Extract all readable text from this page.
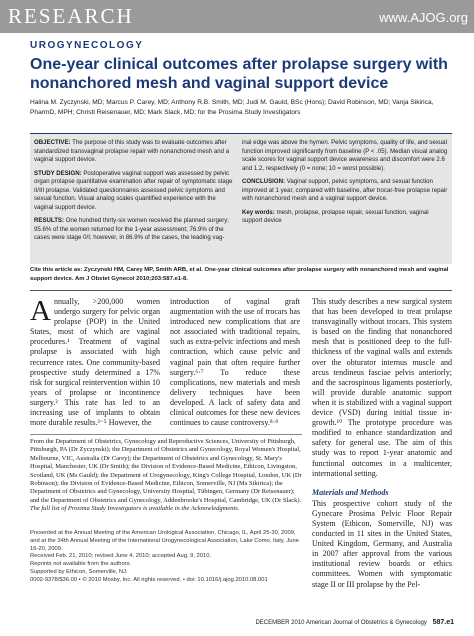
RESEARCH	www.AJOG.org
UROGYNECOLOGY
One-year clinical outcomes after prolapse surgery with nonanchored mesh and vaginal support device
Halina M. Zyczynski, MD; Marcus P. Carey, MD; Anthony R.B. Smith, MD; Judi M. Gauld, BSc (Hons); David Robinson, MD; Vanja Sikirica, PharmD, MPH; Christl Reisenauer, MD; Mark Slack, MD; for the Prosima Study Investigators

OBJECTIVE: The purpose of this study was to evaluate outcomes after standardized transvaginal prolapse repair with nonanchored mesh and a vaginal support device.

STUDY DESIGN: Postoperative vaginal support was assessed by pelvic organ prolapse quantitative examination after repair of symptomatic stage II/III prolapse. Validated questionnaires assessed pelvic symptoms and sexual function. Visual analog scales quantified experience with the vaginal support device.

RESULTS: One hundred thirty-six women received the planned surgery; 95.6% of the women returned for the 1-year assessment; 76.9% of the cases were stage 0/I; however, in 86.9% of the cases, the leading vag-

inal edge was above the hymen. Pelvic symptoms, quality of life, and sexual function improved significantly from baseline (P < .05). Median visual analog scale scores for vaginal support device awareness and discomfort were 2.6 and 1.2, respectively (0 = none; 10 = worst possible).

CONCLUSION: Vaginal support, pelvic symptoms, and sexual function improved at 1 year, compared with baseline, after trocar-free prolapse repair with nonanchored mesh and a vaginal support device.

Key words: mesh, prolapse, prolapse repair, sexual function, vaginal support device

Cite this article as: Zyczynski HM, Carey MP, Smith ARB, et al. One-year clinical outcomes after prolapse surgery with nonanchored mesh and vaginal support device. Am J Obstet Gynecol 2010;203:587.e1-8.
Annually, >200,000 women undergo surgery for pelvic organ prolapse (POP) in the United States, most of which are vaginal procedures.¹ Treatment of vaginal prolapse is associated with high recurrence rates. One community-based prospective study determined a 17% risk for surgical reintervention within 10 years of prolapse or incontinence surgery.² This rate has led to an increasing use of implants to obtain more durable results.³⁻⁵ However, the
introduction of vaginal graft augmentation with the use of trocars has introduced new complications that are not associated with traditional repairs, such as extra-pelvic infections and mesh contraction, which cause pelvic and vaginal pain that often require further surgery.⁶·⁷ To reduce these complications, new materials and mesh delivery techniques have been developed. A lack of safety data and clinical outcomes for these new devices continues to cause controversy.⁸·⁹

This study describes a new surgical system that has been developed to treat prolapse transvaginally without trocars. This system is based on the finding that nonanchored mesh that is positioned deep to the full-thickness of the vaginal walls and extends over the obturator internus muscle and arcus tendineus fasciae pelvis anteriorly; and the sacrospinous ligaments posteriorly, will provide durable anatomic support when it is stabilized with a vaginal support device (VSD) during initial tissue in-growth.¹⁰ The prototype procedure was modified to enhance standardization and safety for general use. The aim of this study was to report 1-year anatomic and functional outcomes in a multicenter, international setting.

Materials and Methods

This prospective cohort study of the Gynecare Prosima Pelvic Floor Repair System (Ethicon, Somerville, NJ) was conducted in 11 sites in the United States, United Kingdom, Germany, and Australia in 2007 after approval from the various institutional review boards or ethics committees. Women with symptomatic stage II or III prolapse by the Pel-

From the Department of Obstetrics, Gynecology and Reproductive Sciences, University of Pittsburgh, Pittsburgh, PA (Dr Zyczynski); the Department of Obstetrics and Gynecology, Royal Women's Hospital, Melbourne, VIC, Australia (Dr Carey); the Department of Obstetrics and Gynecology, St. Mary's Hospital, Manchester, UK (Dr Smith); the Division of Evidence-Based Medicine, Ethicon, Livingston, Scotland, UK (Ms Gauld); the Department of Urogynecology, King's College Hospital, London, UK (Dr Robinson); the Division of Evidence-Based Medicine, Ethicon, Somerville, NJ (Ms Sikirica); the Department of Obstetrics and Gynecology, University Hospital, Tübingen, Germany (Dr Reisenauer); and the Department of Obstetrics and Gynecology, Addenbrooke's Hospital, Cambridge, UK (Dr Slack). The full list of Prosima Study Investigators is available in the Acknowledgments.
Presented at the Annual Meeting of the American Urological Association, Chicago, IL, April 25-30, 2009, and at the 34th Annual Meeting of the International Urogynecological Association, Lake Como, Italy, June 16-20, 2009.
Received Feb. 21, 2010; revised June 4, 2010; accepted Aug. 9, 2010.
Reprints not available from the authors.
Supported by Ethicon, Somerville, NJ.
0002-9378/$36.00 • © 2010 Mosby, Inc. All rights reserved. • doi: 10.1016/j.ajog.2010.08.001
DECEMBER 2010 American Journal of Obstetrics & Gynecology 587.e1
